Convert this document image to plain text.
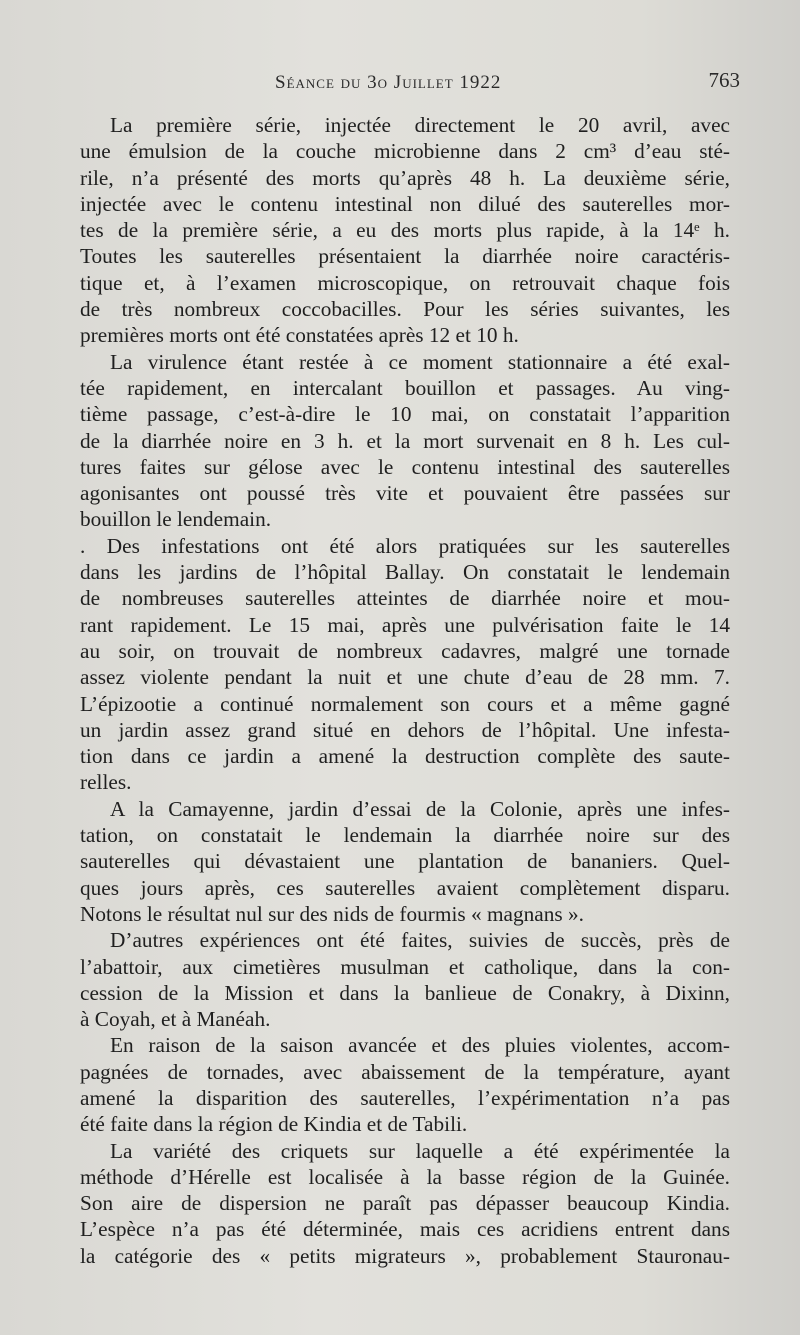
Séance du 3o Juillet 1922	763
La première série, injectée directement le 20 avril, avec
une émulsion de la couche microbienne dans 2 cm³ d’eau sté-
rile, n’a présenté des morts qu’après 48 h. La deuxième série,
injectée avec le contenu intestinal non dilué des sauterelles mor-
tes de la première série, a eu des morts plus rapide, à la 14ᵉ h.
Toutes les sauterelles présentaient la diarrhée noire caractéris-
tique et, à l’examen microscopique, on retrouvait chaque fois
de très nombreux coccobacilles. Pour les séries suivantes, les
premières morts ont été constatées après 12 et 10 h.
La virulence étant restée à ce moment stationnaire a été exal-
tée rapidement, en intercalant bouillon et passages. Au ving-
tième passage, c’est-à-dire le 10 mai, on constatait l’apparition
de la diarrhée noire en 3 h. et la mort survenait en 8 h. Les cul-
tures faites sur gélose avec le contenu intestinal des sauterelles
agonisantes ont poussé très vite et pouvaient être passées sur
bouillon le lendemain.
. Des infestations ont été alors pratiquées sur les sauterelles
dans les jardins de l’hôpital Ballay. On constatait le lendemain
de nombreuses sauterelles atteintes de diarrhée noire et mou-
rant rapidement. Le 15 mai, après une pulvérisation faite le 14
au soir, on trouvait de nombreux cadavres, malgré une tornade
assez violente pendant la nuit et une chute d’eau de 28 mm. 7.
L’épizootie a continué normalement son cours et a même gagné
un jardin assez grand situé en dehors de l’hôpital. Une infesta-
tion dans ce jardin a amené la destruction complète des saute-
relles.
A la Camayenne, jardin d’essai de la Colonie, après une infes-
tation, on constatait le lendemain la diarrhée noire sur des
sauterelles qui dévastaient une plantation de bananiers. Quel-
ques jours après, ces sauterelles avaient complètement disparu.
Notons le résultat nul sur des nids de fourmis « magnans ».
D’autres expériences ont été faites, suivies de succès, près de
l’abattoir, aux cimetières musulman et catholique, dans la con-
cession de la Mission et dans la banlieue de Conakry, à Dixinn,
à Coyah, et à Manéah.
En raison de la saison avancée et des pluies violentes, accom-
pagnées de tornades, avec abaissement de la température, ayant
amené la disparition des sauterelles, l’expérimentation n’a pas
été faite dans la région de Kindia et de Tabili.
La variété des criquets sur laquelle a été expérimentée la
méthode d’Hérelle est localisée à la basse région de la Guinée.
Son aire de dispersion ne paraît pas dépasser beaucoup Kindia.
L’espèce n’a pas été déterminée, mais ces acridiens entrent dans
la catégorie des « petits migrateurs », probablement Stauronau-
